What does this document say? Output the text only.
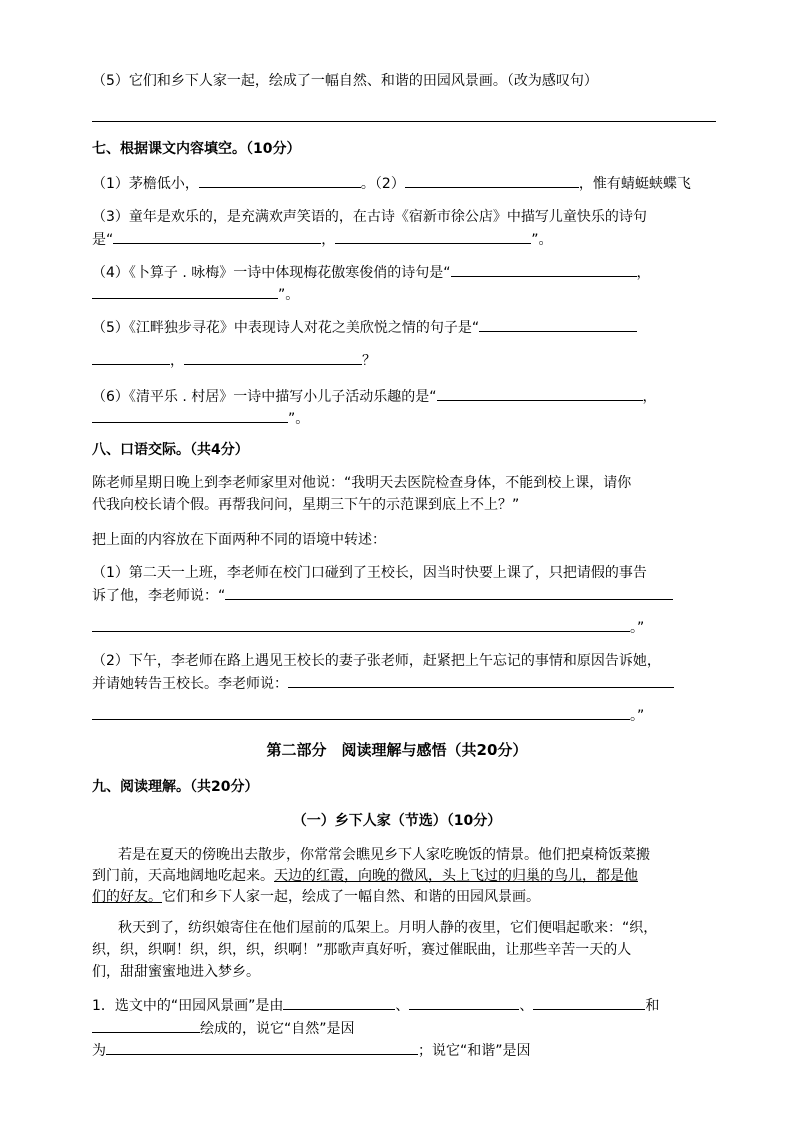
（5）它们和乡下人家一起，绘成了一幅自然、和谐的田园风景画。（改为感叹句）
七、根据课文内容填空。（10分）
（1）茅檐低小，	。（2）	，惟有蜻蜓蛱蝶飞
（3）童年是欢乐的，是充满欢声笑语的，在古诗《宿新市徐公店》中描写儿童快乐的诗句
是“	，	”。
（4）《卜算子 . 咏梅》一诗中体现梅花傲寒俊俏的诗句是“	，
”。
（5）《江畔独步寻花》中表现诗人对花之美欣悦之情的句子是“
，	？
（6）《清平乐 . 村居》一诗中描写小儿子活动乐趣的是“	，
”。
八、口语交际。（共4分）
陈老师星期日晚上到李老师家里对他说：“我明天去医院检查身体，不能到校上课，请你
代我向校长请个假。再帮我问问，星期三下午的示范课到底上不上？”
把上面的内容放在下面两种不同的语境中转述：
（1）第二天一上班，李老师在校门口碰到了王校长，因当时快要上课了，只把请假的事告
诉了他，李老师说：“
。”
（2）下午，李老师在路上遇见王校长的妻子张老师，赶紧把上午忘记的事情和原因告诉她，
并请她转告王校长。李老师说：
。”
第二部分　阅读理解与感悟（共20分）
九、阅读理解。（共20分）
（一）乡下人家（节选）（10分）
若是在夏天的傍晚出去散步，你常常会瞧见乡下人家吃晚饭的情景。他们把桌椅饭菜搬
到门前，天高地阔地吃起来。天边的红霞，向晚的微风，头上飞过的归巢的鸟儿，都是他
们的好友。它们和乡下人家一起，绘成了一幅自然、和谐的田园风景画。
秋天到了，纺织娘寄住在他们屋前的瓜架上。月明人静的夜里，它们便唱起歌来：“织，
织，织，织啊！织，织，织，织啊！”那歌声真好听，赛过催眠曲，让那些辛苦一天的人
们，甜甜蜜蜜地进入梦乡。
1．选文中的“田园风景画”是由	、	、	和
绘成的，说它“自然”是因
为	；说它“和谐”是因
